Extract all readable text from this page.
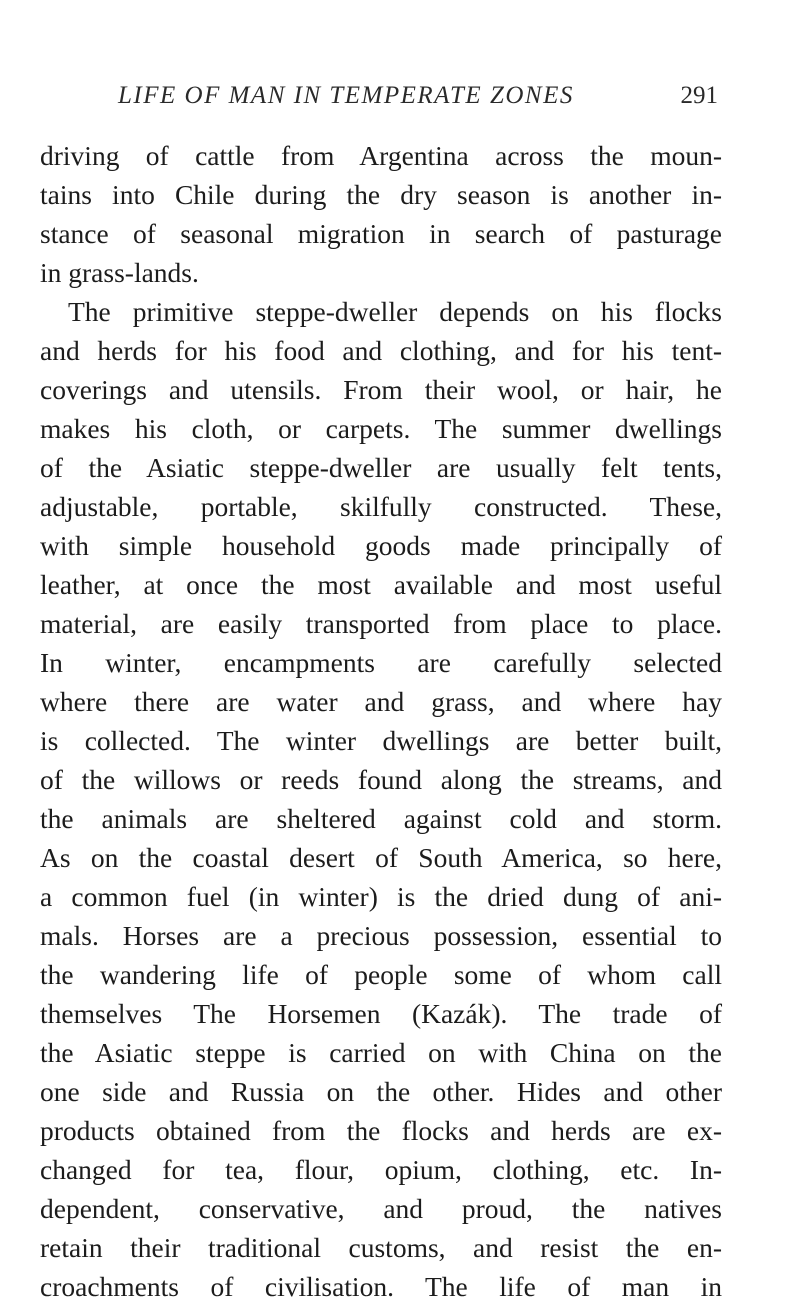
LIFE OF MAN IN TEMPERATE ZONES	291
driving of cattle from Argentina across the moun-
tains into Chile during the dry season is another in-
stance of seasonal migration in search of pasturage
in grass-lands.
The primitive steppe-dweller depends on his flocks
and herds for his food and clothing, and for his tent-
coverings and utensils. From their wool, or hair, he
makes his cloth, or carpets. The summer dwellings
of the Asiatic steppe-dweller are usually felt tents,
adjustable, portable, skilfully constructed. These,
with simple household goods made principally of
leather, at once the most available and most useful
material, are easily transported from place to place.
In winter, encampments are carefully selected
where there are water and grass, and where hay
is collected. The winter dwellings are better built,
of the willows or reeds found along the streams, and
the animals are sheltered against cold and storm.
As on the coastal desert of South America, so here,
a common fuel (in winter) is the dried dung of ani-
mals. Horses are a precious possession, essential to
the wandering life of people some of whom call
themselves The Horsemen (Kazák). The trade of
the Asiatic steppe is carried on with China on the
one side and Russia on the other. Hides and other
products obtained from the flocks and herds are ex-
changed for tea, flour, opium, clothing, etc. In-
dependent, conservative, and proud, the natives
retain their traditional customs, and resist the en-
croachments of civilisation. The life of man in
